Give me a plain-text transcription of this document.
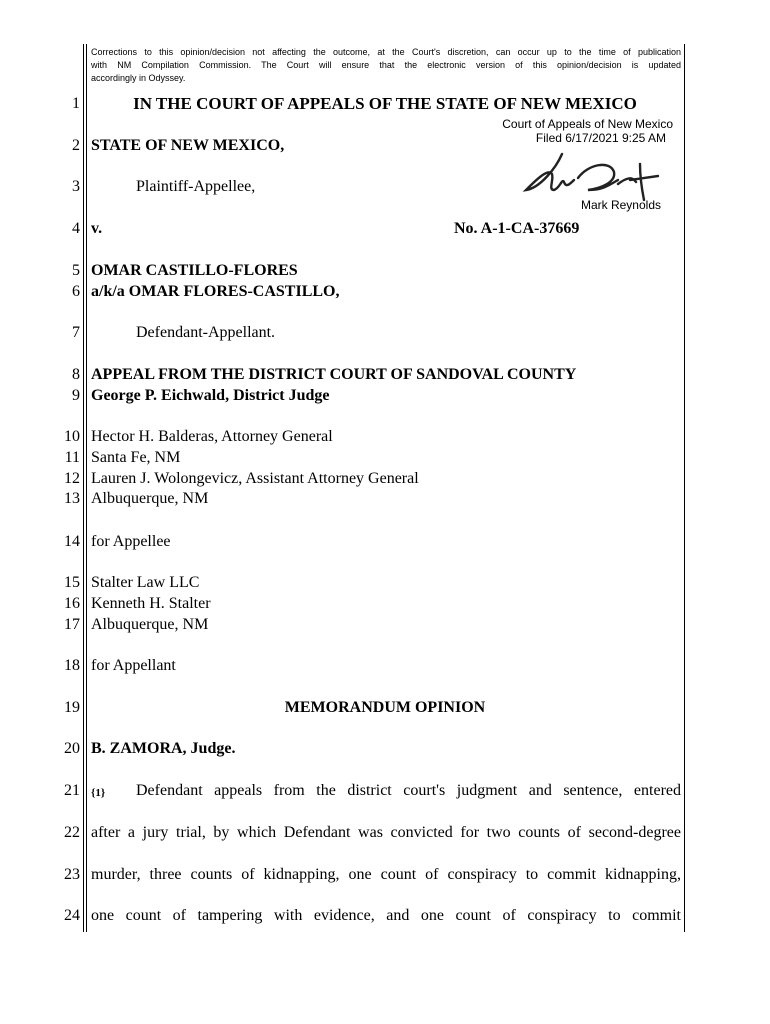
Corrections to this opinion/decision not affecting the outcome, at the Court's discretion, can occur up to the time of publication
with NM Compilation Commission. The Court will ensure that the electronic version of this opinion/decision is updated
accordingly in Odyssey.
1
2
3
4
5
6
7
8
9
10
11
12
13
14
15
16
17
18
19
20
21
22
23
24
IN THE COURT OF APPEALS OF THE STATE OF NEW MEXICO
Court of Appeals of New Mexico
Filed 6/17/2021 9:25 AM
Mark Reynolds
STATE OF NEW MEXICO,
Plaintiff-Appellee,
v.	No. A-1-CA-37669
OMAR CASTILLO-FLORES
a/k/a OMAR FLORES-CASTILLO,
Defendant-Appellant.
APPEAL FROM THE DISTRICT COURT OF SANDOVAL COUNTY
George P. Eichwald, District Judge
Hector H. Balderas, Attorney General
Santa Fe, NM
Lauren J. Wolongevicz, Assistant Attorney General
Albuquerque, NM
for Appellee
Stalter Law LLC
Kenneth H. Stalter
Albuquerque, NM
for Appellant
MEMORANDUM OPINION
B. ZAMORA, Judge.
{1} Defendant appeals from the district court's judgment and sentence, entered
after a jury trial, by which Defendant was convicted for two counts of second-degree
murder, three counts of kidnapping, one count of conspiracy to commit kidnapping,
one count of tampering with evidence, and one count of conspiracy to commit
